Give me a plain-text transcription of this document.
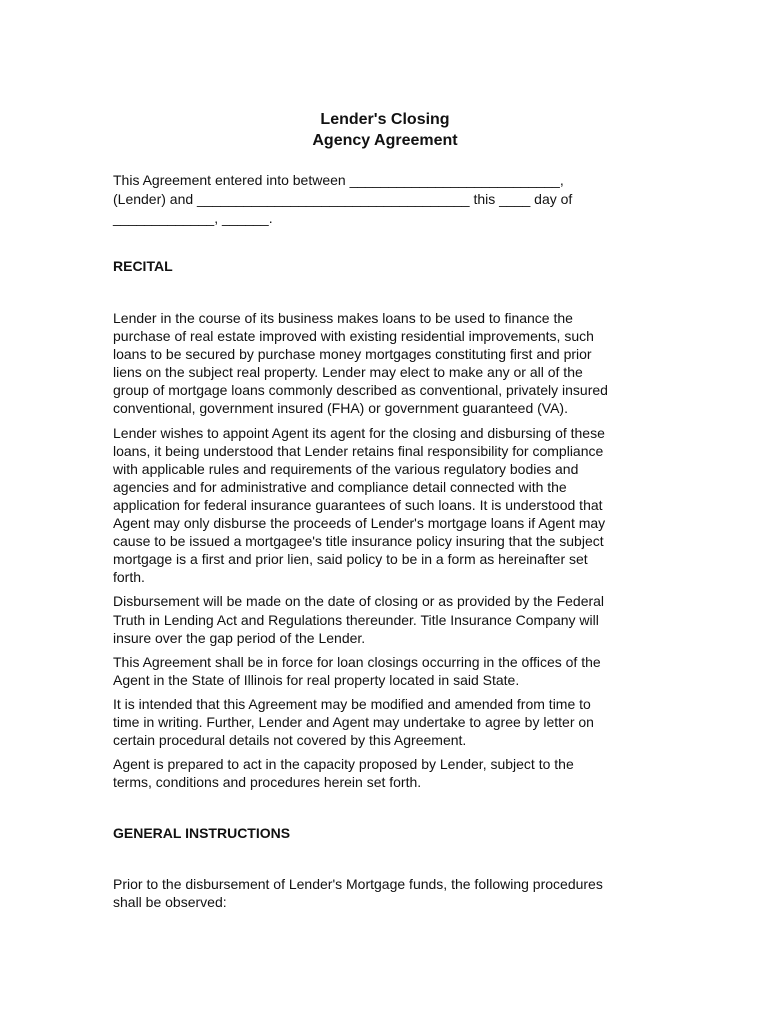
Lender's Closing
Agency Agreement
This Agreement entered into between ___________________________,
(Lender) and ___________________________________ this ____ day of
_____________, ______.
RECITAL

Lender in the course of its business makes loans to be used to finance the
purchase of real estate improved with existing residential improvements, such
loans to be secured by purchase money mortgages constituting first and prior
liens on the subject real property. Lender may elect to make any or all of the
group of mortgage loans commonly described as conventional, privately insured
conventional, government insured (FHA) or government guaranteed (VA).

Lender wishes to appoint Agent its agent for the closing and disbursing of these
loans, it being understood that Lender retains final responsibility for compliance
with applicable rules and requirements of the various regulatory bodies and
agencies and for administrative and compliance detail connected with the
application for federal insurance guarantees of such loans. It is understood that
Agent may only disburse the proceeds of Lender's mortgage loans if Agent may
cause to be issued a mortgagee's title insurance policy insuring that the subject
mortgage is a first and prior lien, said policy to be in a form as hereinafter set
forth.

Disbursement will be made on the date of closing or as provided by the Federal
Truth in Lending Act and Regulations thereunder. Title Insurance Company will
insure over the gap period of the Lender.

This Agreement shall be in force for loan closings occurring in the offices of the
Agent in the State of Illinois for real property located in said State.

It is intended that this Agreement may be modified and amended from time to
time in writing. Further, Lender and Agent may undertake to agree by letter on
certain procedural details not covered by this Agreement.

Agent is prepared to act in the capacity proposed by Lender, subject to the
terms, conditions and procedures herein set forth.

GENERAL INSTRUCTIONS

Prior to the disbursement of Lender's Mortgage funds, the following procedures
shall be observed:
